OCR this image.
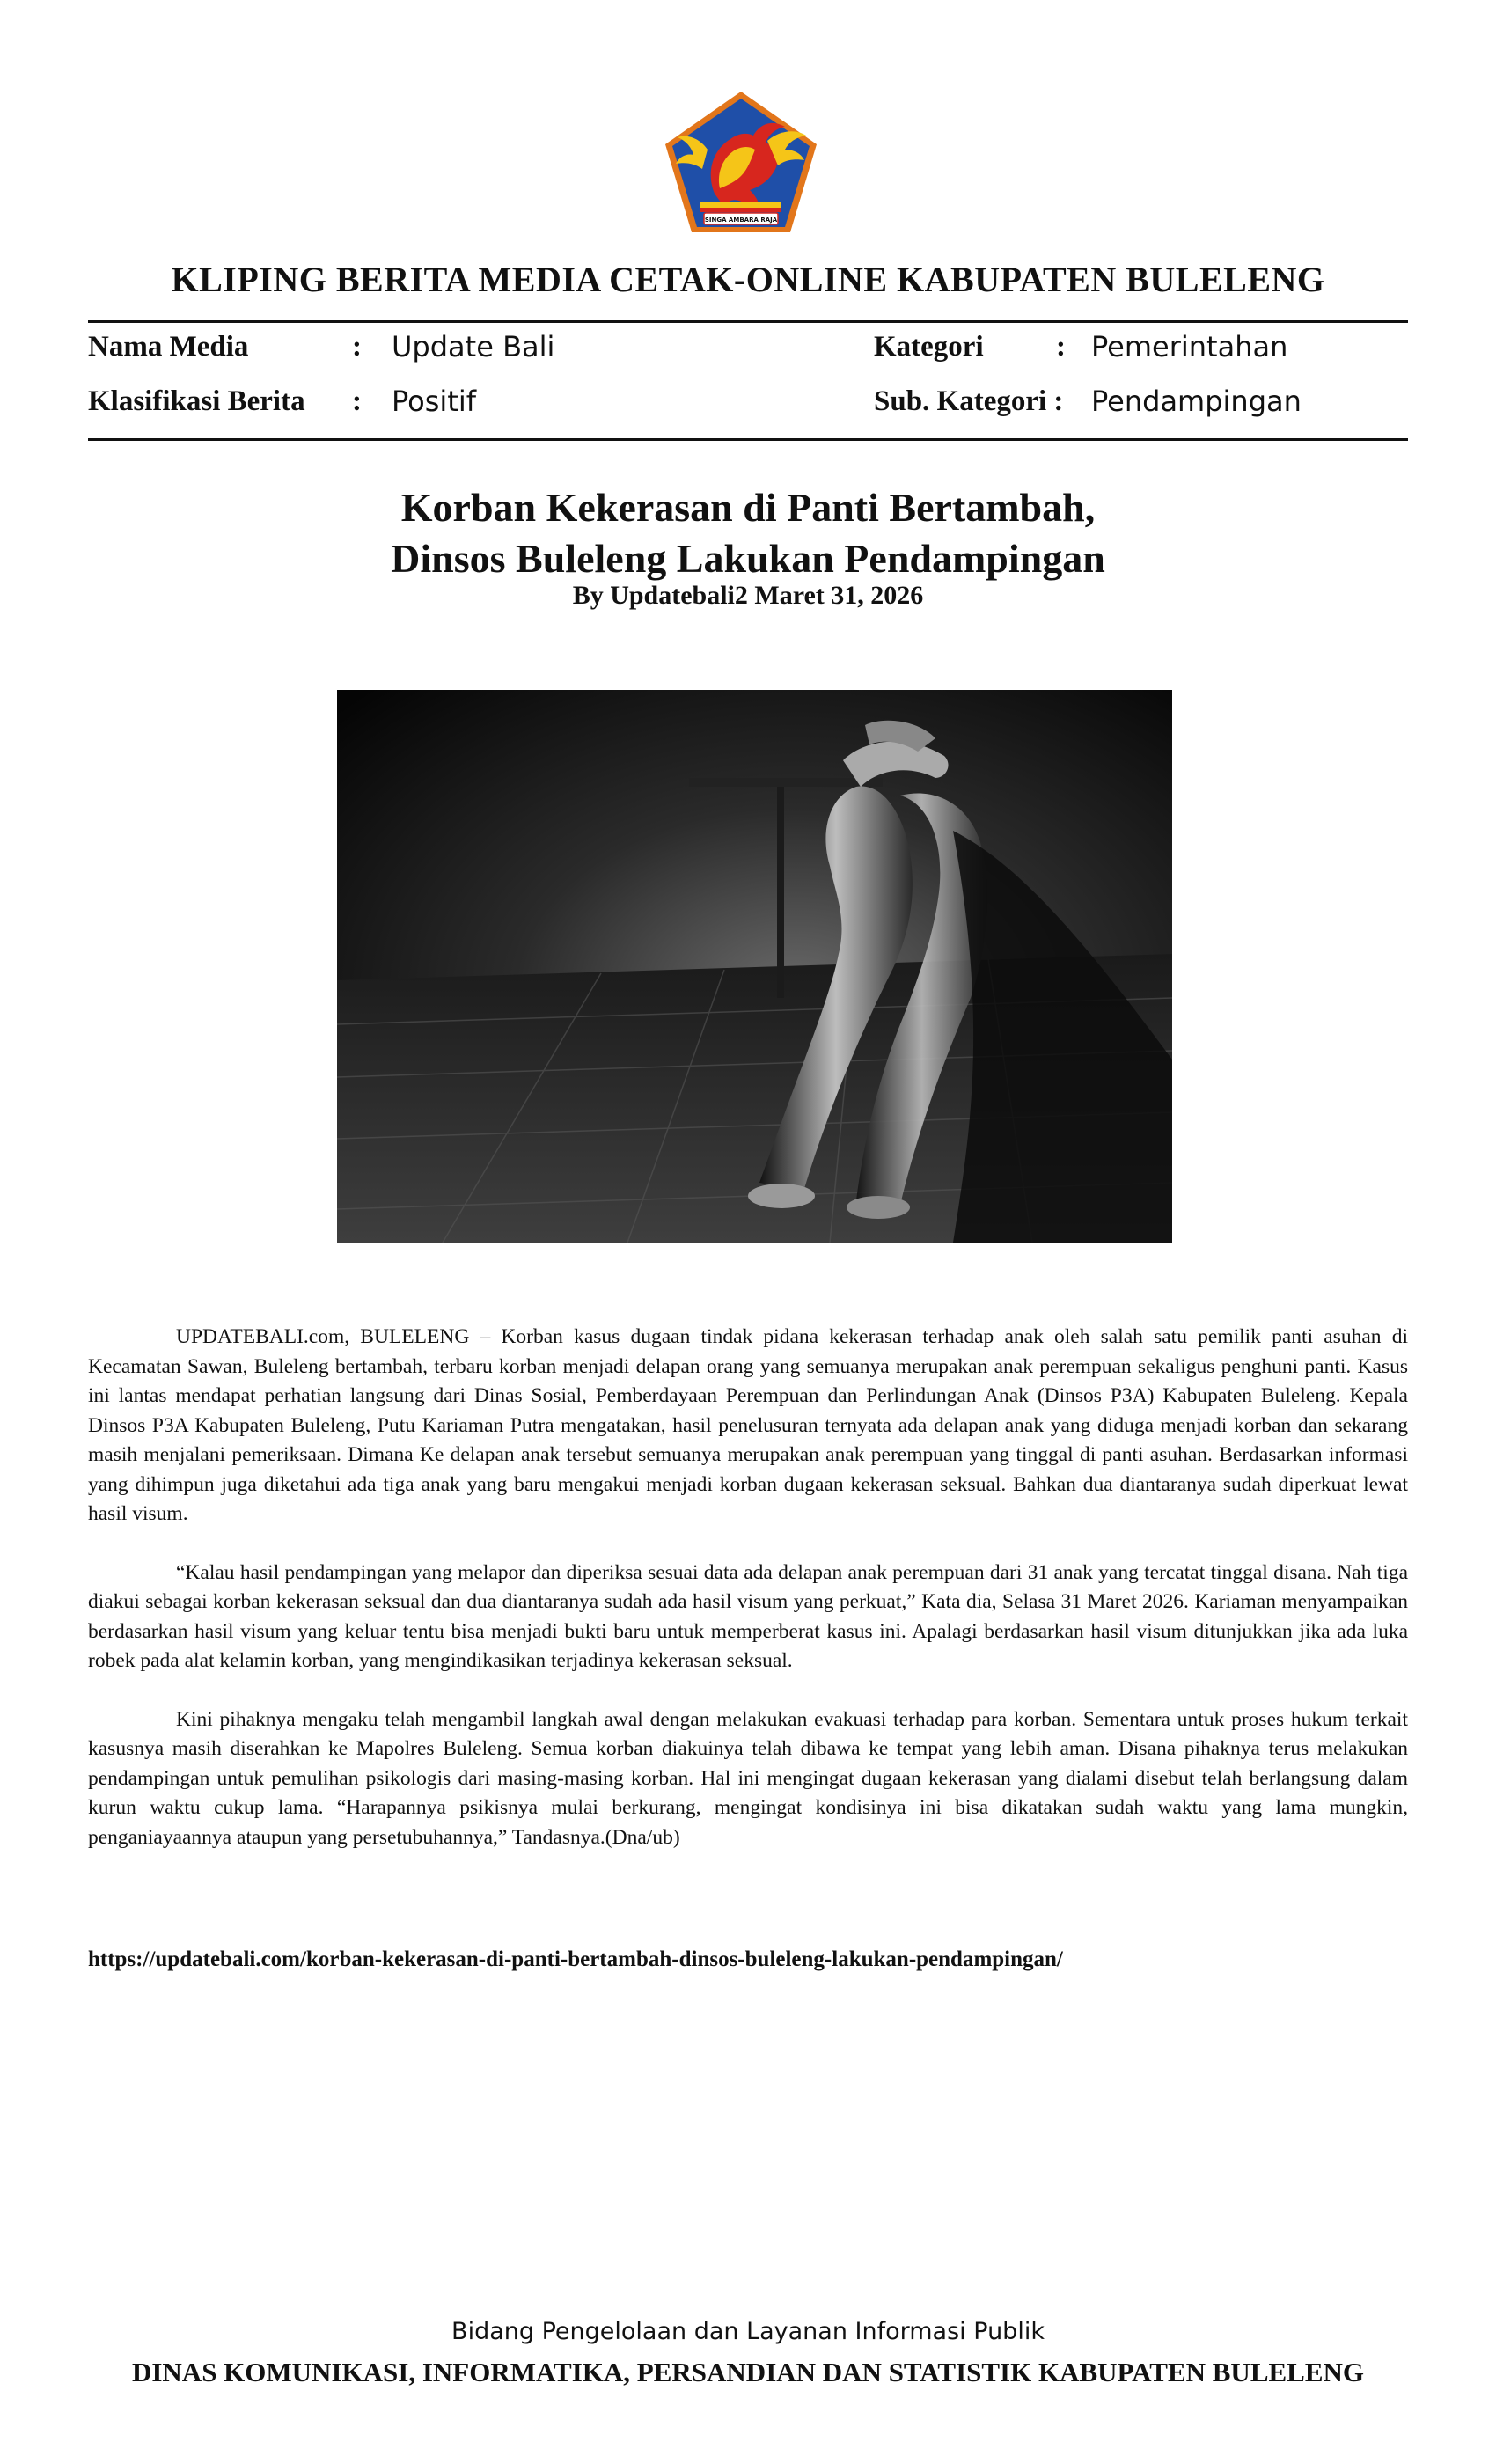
SINGA AMBARA RAJA
KLIPING BERITA MEDIA CETAK-ONLINE KABUPATEN BULELENG
Nama Media	: Update Bali	Kategori : Pemerintahan
Klasifikasi Berita : Positif	Sub. Kategori : Pendampingan
Korban Kekerasan di Panti Bertambah,
Dinsos Buleleng Lakukan Pendampingan
By Updatebali2 Maret 31, 2026

UPDATEBALI.com, BULELENG – Korban kasus dugaan tindak pidana kekerasan terhadap anak oleh salah satu pemilik panti asuhan di Kecamatan Sawan, Buleleng bertambah, terbaru korban menjadi delapan orang yang semuanya merupakan anak perempuan sekaligus penghuni panti. Kasus ini lantas mendapat perhatian langsung dari Dinas Sosial, Pemberdayaan Perempuan dan Perlindungan Anak (Dinsos P3A) Kabupaten Buleleng. Kepala Dinsos P3A Kabupaten Buleleng, Putu Kariaman Putra mengatakan, hasil penelusuran ternyata ada delapan anak yang diduga menjadi korban dan sekarang masih menjalani pemeriksaan. Dimana Ke delapan anak tersebut semuanya merupakan anak perempuan yang tinggal di panti asuhan. Berdasarkan informasi yang dihimpun juga diketahui ada tiga anak yang baru mengakui menjadi korban dugaan kekerasan seksual. Bahkan dua diantaranya sudah diperkuat lewat hasil visum.

“Kalau hasil pendampingan yang melapor dan diperiksa sesuai data ada delapan anak perempuan dari 31 anak yang tercatat tinggal disana. Nah tiga diakui sebagai korban kekerasan seksual dan dua diantaranya sudah ada hasil visum yang perkuat,” Kata dia, Selasa 31 Maret 2026. Kariaman menyampaikan berdasarkan hasil visum yang keluar tentu bisa menjadi bukti baru untuk memperberat kasus ini. Apalagi berdasarkan hasil visum ditunjukkan jika ada luka robek pada alat kelamin korban, yang mengindikasikan terjadinya kekerasan seksual.

Kini pihaknya mengaku telah mengambil langkah awal dengan melakukan evakuasi terhadap para korban. Sementara untuk proses hukum terkait kasusnya masih diserahkan ke Mapolres Buleleng. Semua korban diakuinya telah dibawa ke tempat yang lebih aman. Disana pihaknya terus melakukan pendampingan untuk pemulihan psikologis dari masing-masing korban. Hal ini mengingat dugaan kekerasan yang dialami disebut telah berlangsung dalam kurun waktu cukup lama. “Harapannya psikisnya mulai berkurang, mengingat kondisinya ini bisa dikatakan sudah waktu yang lama mungkin, penganiayaannya ataupun yang persetubuhannya,” Tandasnya.(Dna/ub)

https://updatebali.com/korban-kekerasan-di-panti-bertambah-dinsos-buleleng-lakukan-pendampingan/
Bidang Pengelolaan dan Layanan Informasi Publik
DINAS KOMUNIKASI, INFORMATIKA, PERSANDIAN DAN STATISTIK KABUPATEN BULELENG
